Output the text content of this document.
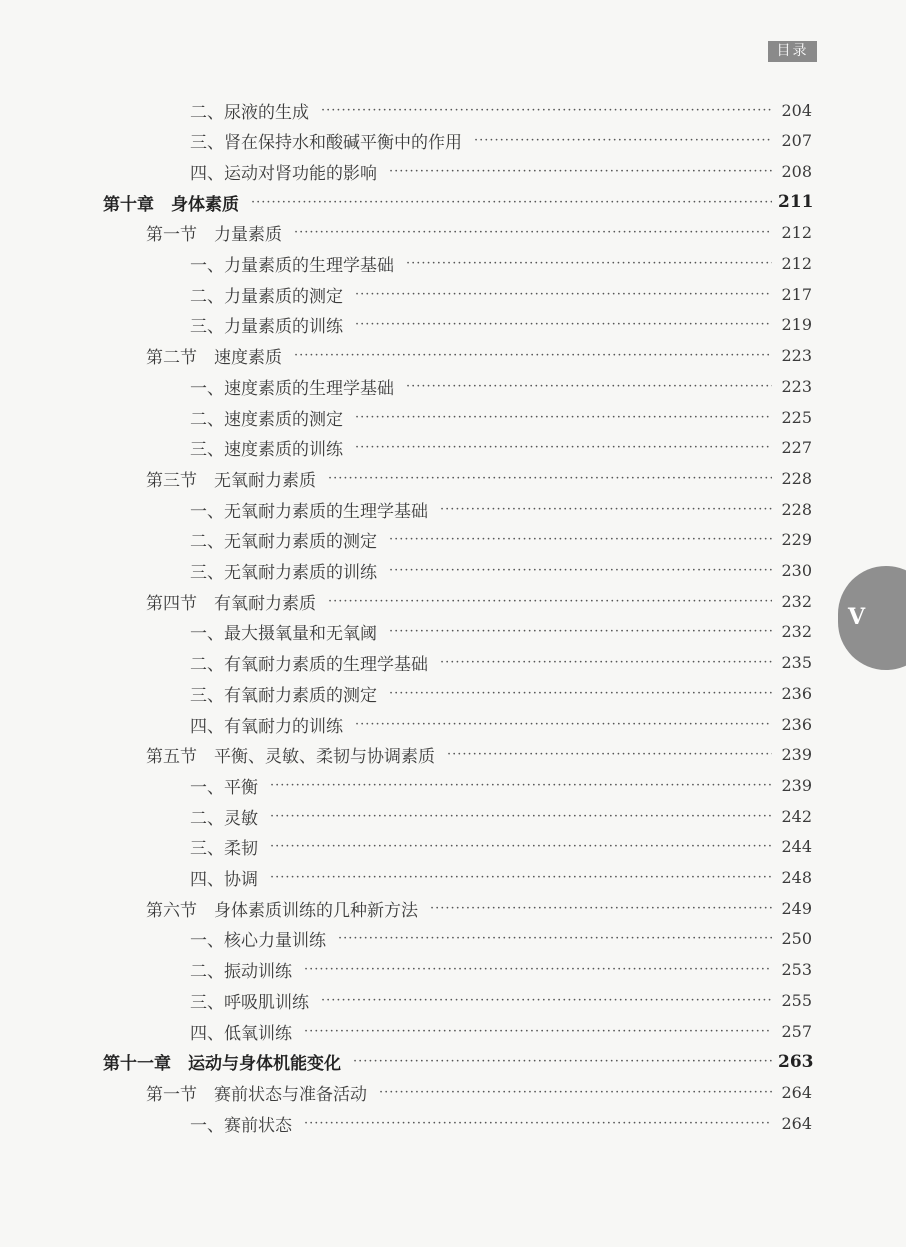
目录
V
二、尿液的生成 ·····	204
三、肾在保持水和酸碱平衡中的作用 ·····	207
四、运动对肾功能的影响 ·····	208
第十章　身体素质 ·····	211
第一节　力量素质 ·····	212
一、力量素质的生理学基础 ·····	212
二、力量素质的测定 ·····	217
三、力量素质的训练 ·····	219
第二节　速度素质 ·····	223
一、速度素质的生理学基础 ·····	223
二、速度素质的测定 ·····	225
三、速度素质的训练 ·····	227
第三节　无氧耐力素质 ·····	228
一、无氧耐力素质的生理学基础 ·····	228
二、无氧耐力素质的测定 ·····	229
三、无氧耐力素质的训练 ·····	230
第四节　有氧耐力素质 ·····	232
一、最大摄氧量和无氧阈 ·····	232
二、有氧耐力素质的生理学基础 ·····	235
三、有氧耐力素质的测定 ·····	236
四、有氧耐力的训练 ·····	236
第五节　平衡、灵敏、柔韧与协调素质 ·····	239
一、平衡 ·····	239
二、灵敏 ·····	242
三、柔韧 ·····	244
四、协调 ·····	248
第六节　身体素质训练的几种新方法 ·····	249
一、核心力量训练 ·····	250
二、振动训练 ·····	253
三、呼吸肌训练 ·····	255
四、低氧训练 ·····	257
第十一章　运动与身体机能变化 ·····	263
第一节　赛前状态与准备活动 ·····	264
一、赛前状态 ·····	264
